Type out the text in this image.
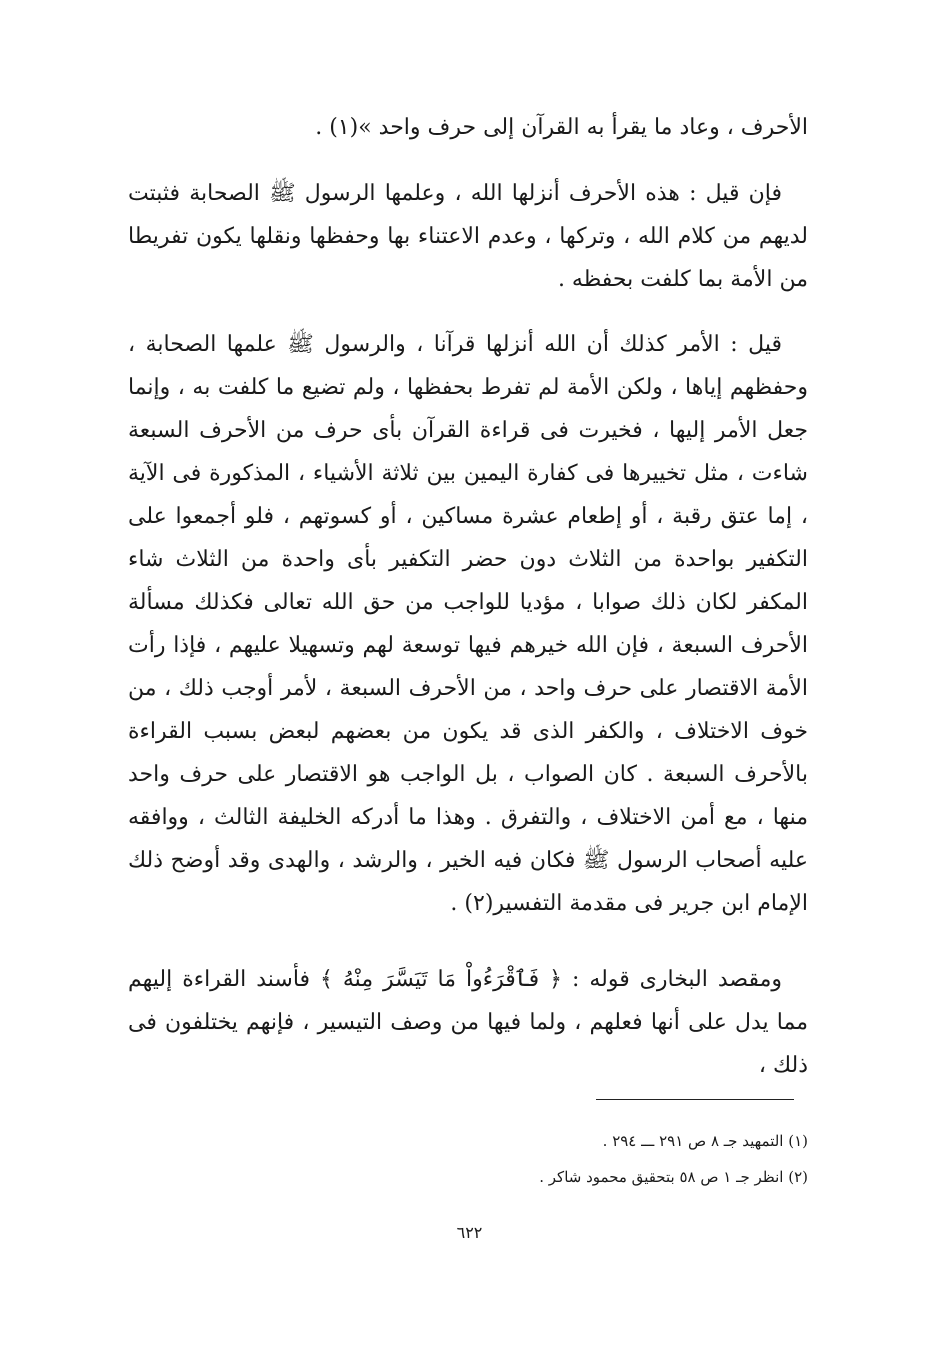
الأحرف ، وعاد ما يقرأ به القرآن إلى حرف واحد »(١) .

فإن قيل : هذه الأحرف أنزلها الله ، وعلمها الرسول ﷺ الصحابة فثبتت لديهم من كلام الله ، وتركها ، وعدم الاعتناء بها وحفظها ونقلها يكون تفريطا من الأمة بما كلفت بحفظه .

قيل : الأمر كذلك أن الله أنزلها قرآنا ، والرسول ﷺ علمها الصحابة ، وحفظهم إياها ، ولكن الأمة لم تفرط بحفظها ، ولم تضيع ما كلفت به ، وإنما جعل الأمر إليها ، فخيرت فى قراءة القرآن بأى حرف من الأحرف السبعة شاءت ، مثل تخييرها فى كفارة اليمين بين ثلاثة الأشياء ، المذكورة فى الآية ، إما عتق رقبة ، أو إطعام عشرة مساكين ، أو كسوتهم ، فلو أجمعوا على التكفير بواحدة من الثلاث دون حضر التكفير بأى واحدة من الثلاث شاء المكفر لكان ذلك صوابا ، مؤديا للواجب من حق الله تعالى فكذلك مسألة الأحرف السبعة ، فإن الله خيرهم فيها توسعة لهم وتسهيلا عليهم ، فإذا رأت الأمة الاقتصار على حرف واحد ، من الأحرف السبعة ، لأمر أوجب ذلك ، من خوف الاختلاف ، والكفر الذى قد يكون من بعضهم لبعض بسبب القراءة بالأحرف السبعة . كان الصواب ، بل الواجب هو الاقتصار على حرف واحد منها ، مع أمن الاختلاف ، والتفرق . وهذا ما أدركه الخليفة الثالث ، ووافقه عليه أصحاب الرسول ﷺ فكان فيه الخير ، والرشد ، والهدى وقد أوضح ذلك الإمام ابن جرير فى مقدمة التفسير(٢) .

ومقصد البخارى قوله : ﴿ فَٱقْرَءُواْ مَا تَيَسَّرَ مِنْهُ ﴾ فأسند القراءة إليهم مما يدل على أنها فعلهم ، ولما فيها من وصف التيسير ، فإنهم يختلفون فى ذلك ،

(١) التمهيد جـ ٨ ص ٢٩١ ـــ ٢٩٤ .

(٢) انظر جـ ١ ص ٥٨ بتحقيق محمود شاكر .

٦٢٢
